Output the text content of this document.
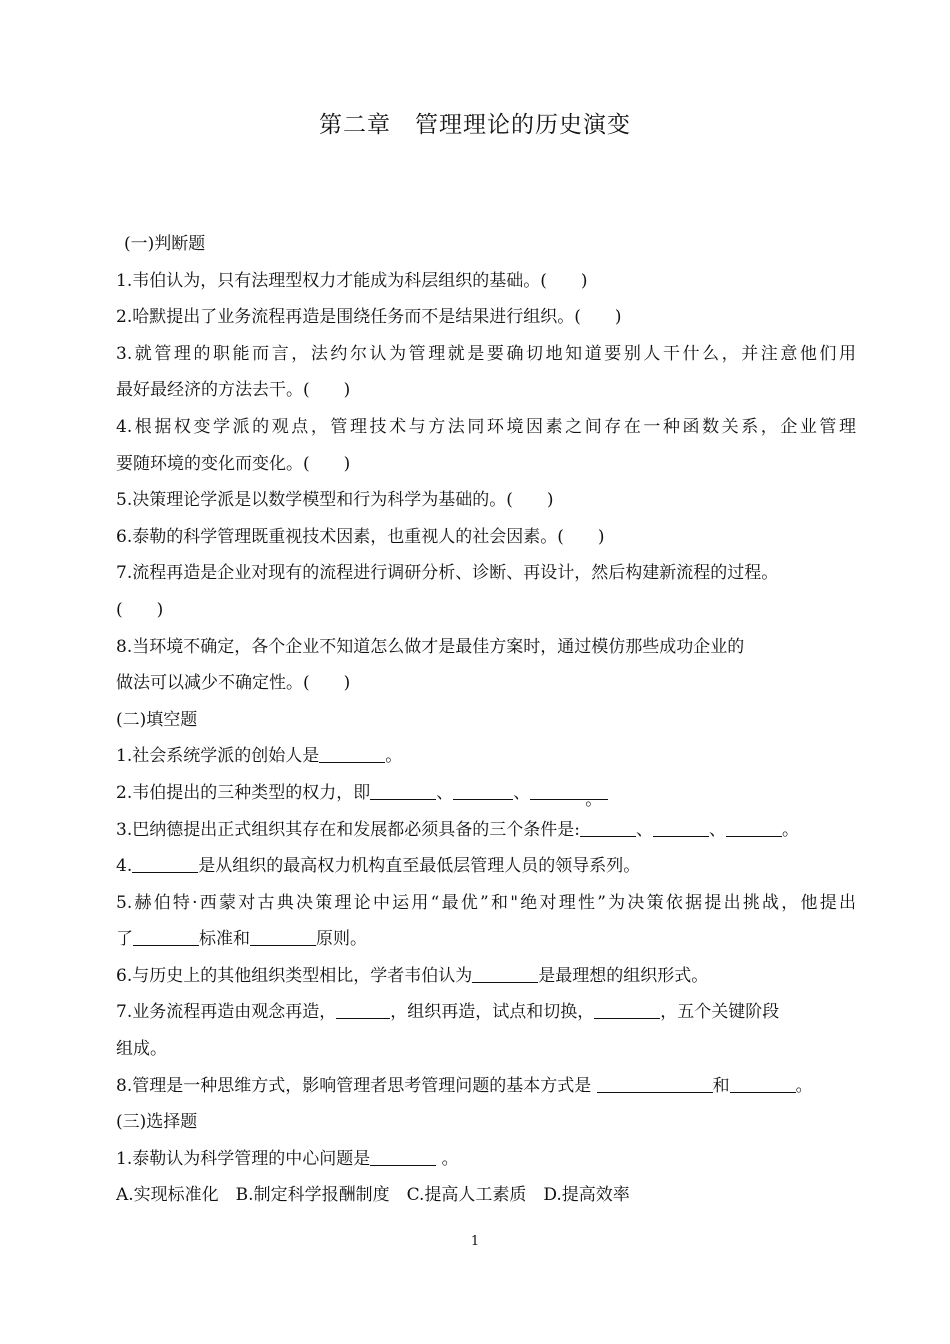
第二章　管理理论的历史演变
(一)判断题
1.韦伯认为，只有法理型权力才能成为科层组织的基础。(　　)
2.哈默提出了业务流程再造是围绕任务而不是结果进行组织。(　　)
3.就管理的职能而言，法约尔认为管理就是要确切地知道要别人干什么，并注意他们用
最好最经济的方法去干。(　　)
4.根据权变学派的观点，管理技术与方法同环境因素之间存在一种函数关系，企业管理
要随环境的变化而变化。(　　)
5.决策理论学派是以数学模型和行为科学为基础的。(　　)
6.泰勒的科学管理既重视技术因素，也重视人的社会因素。(　　)
7.流程再造是企业对现有的流程进行调研分析、诊断、再设计，然后构建新流程的过程。
(　　)
8.当环境不确定，各个企业不知道怎么做才是最佳方案时，通过模仿那些成功企业的
做法可以减少不确定性。(　　)
(二)填空题
1.社会系统学派的创始人是	。
2.韦伯提出的三种类型的权力，即	、	、	。
3.巴纳德提出正式组织其存在和发展都必须具备的三个条件是:	、	、	。
4.	是从组织的最高权力机构直至最低层管理人员的领导系列。
5.赫伯特·西蒙对古典决策理论中运用“最优”和"绝对理性”为决策依据提出挑战，他提出
了	标准和	原则。
6.与历史上的其他组织类型相比，学者韦伯认为	是最理想的组织形式。
7.业务流程再造由观念再造，	，组织再造，试点和切换，	，五个关键阶段
组成。
8.管理是一种思维方式，影响管理者思考管理问题的基本方式是	和	。
(三)选择题
1.泰勒认为科学管理的中心问题是	。
A.实现标准化　B.制定科学报酬制度　C.提高人工素质　D.提高效率
1
